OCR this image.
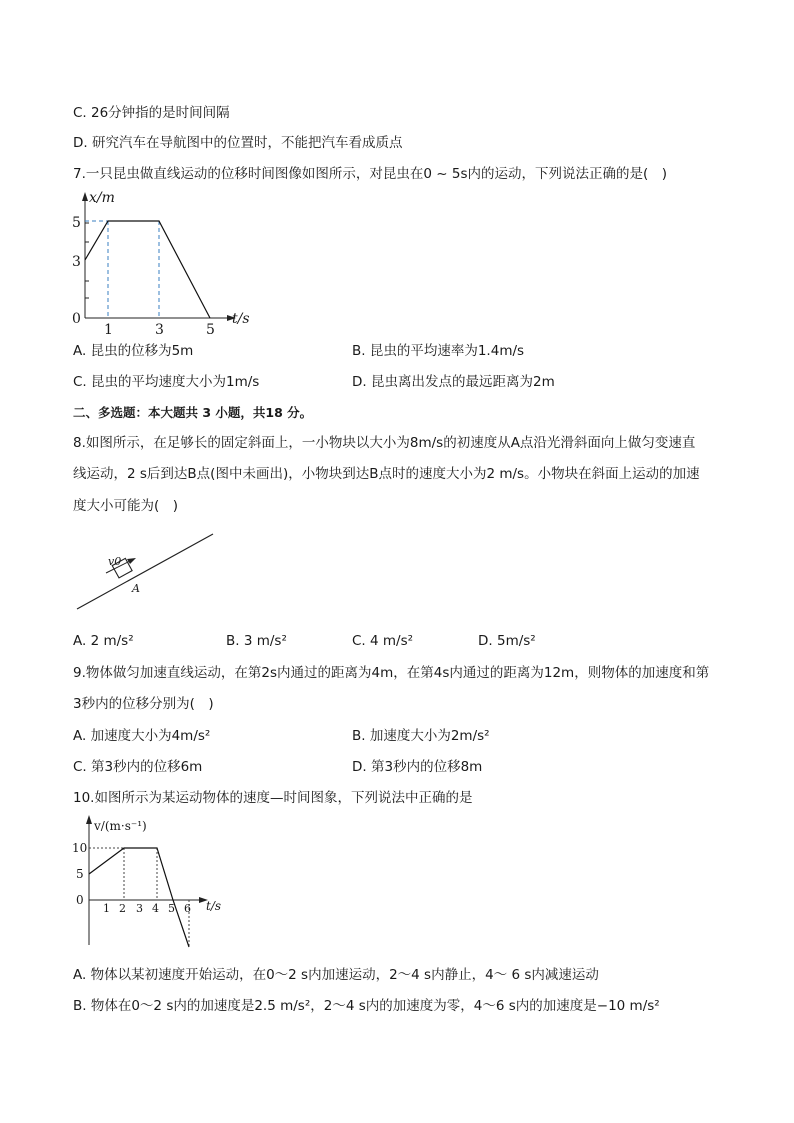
C. 26分钟指的是时间间隔
D. 研究汽车在导航图中的位置时，不能把汽车看成质点
7.一只昆虫做直线运动的位移时间图像如图所示，对昆虫在0 ~ 5s内的运动，下列说法正确的是(　)
x/m
t/s
5
3
0
1	3	5
A. 昆虫的位移为5m	B. 昆虫的平均速率为1.4m/s
C. 昆虫的平均速度大小为1m/s	D. 昆虫离出发点的最远距离为2m
二、多选题：本大题共 3 小题，共18 分。
8.如图所示，在足够长的固定斜面上，一小物块以大小为8m/s的初速度从A点沿光滑斜面向上做匀变速直
线运动，2 s后到达B点(图中未画出)，小物块到达B点时的速度大小为2 m/s。小物块在斜面上运动的加速
度大小可能为(　)
v0
A
A. 2 m/s²	B. 3 m/s²	C. 4 m/s²	D. 5m/s²
9.物体做匀加速直线运动，在第2s内通过的距离为4m，在第4s内通过的距离为12m，则物体的加速度和第
3秒内的位移分别为(　)
A. 加速度大小为4m/s²	B. 加速度大小为2m/s²
C. 第3秒内的位移6m	D. 第3秒内的位移8m
10.如图所示为某运动物体的速度—时间图象，下列说法中正确的是
v/(m·s⁻¹)
t/s
10
5
0
1 2 3 4 5 6
A. 物体以某初速度开始运动，在0～2 s内加速运动，2～4 s内静止，4～ 6 s内减速运动
B. 物体在0～2 s内的加速度是2.5 m/s²，2～4 s内的加速度为零，4～6 s内的加速度是−10 m/s²
